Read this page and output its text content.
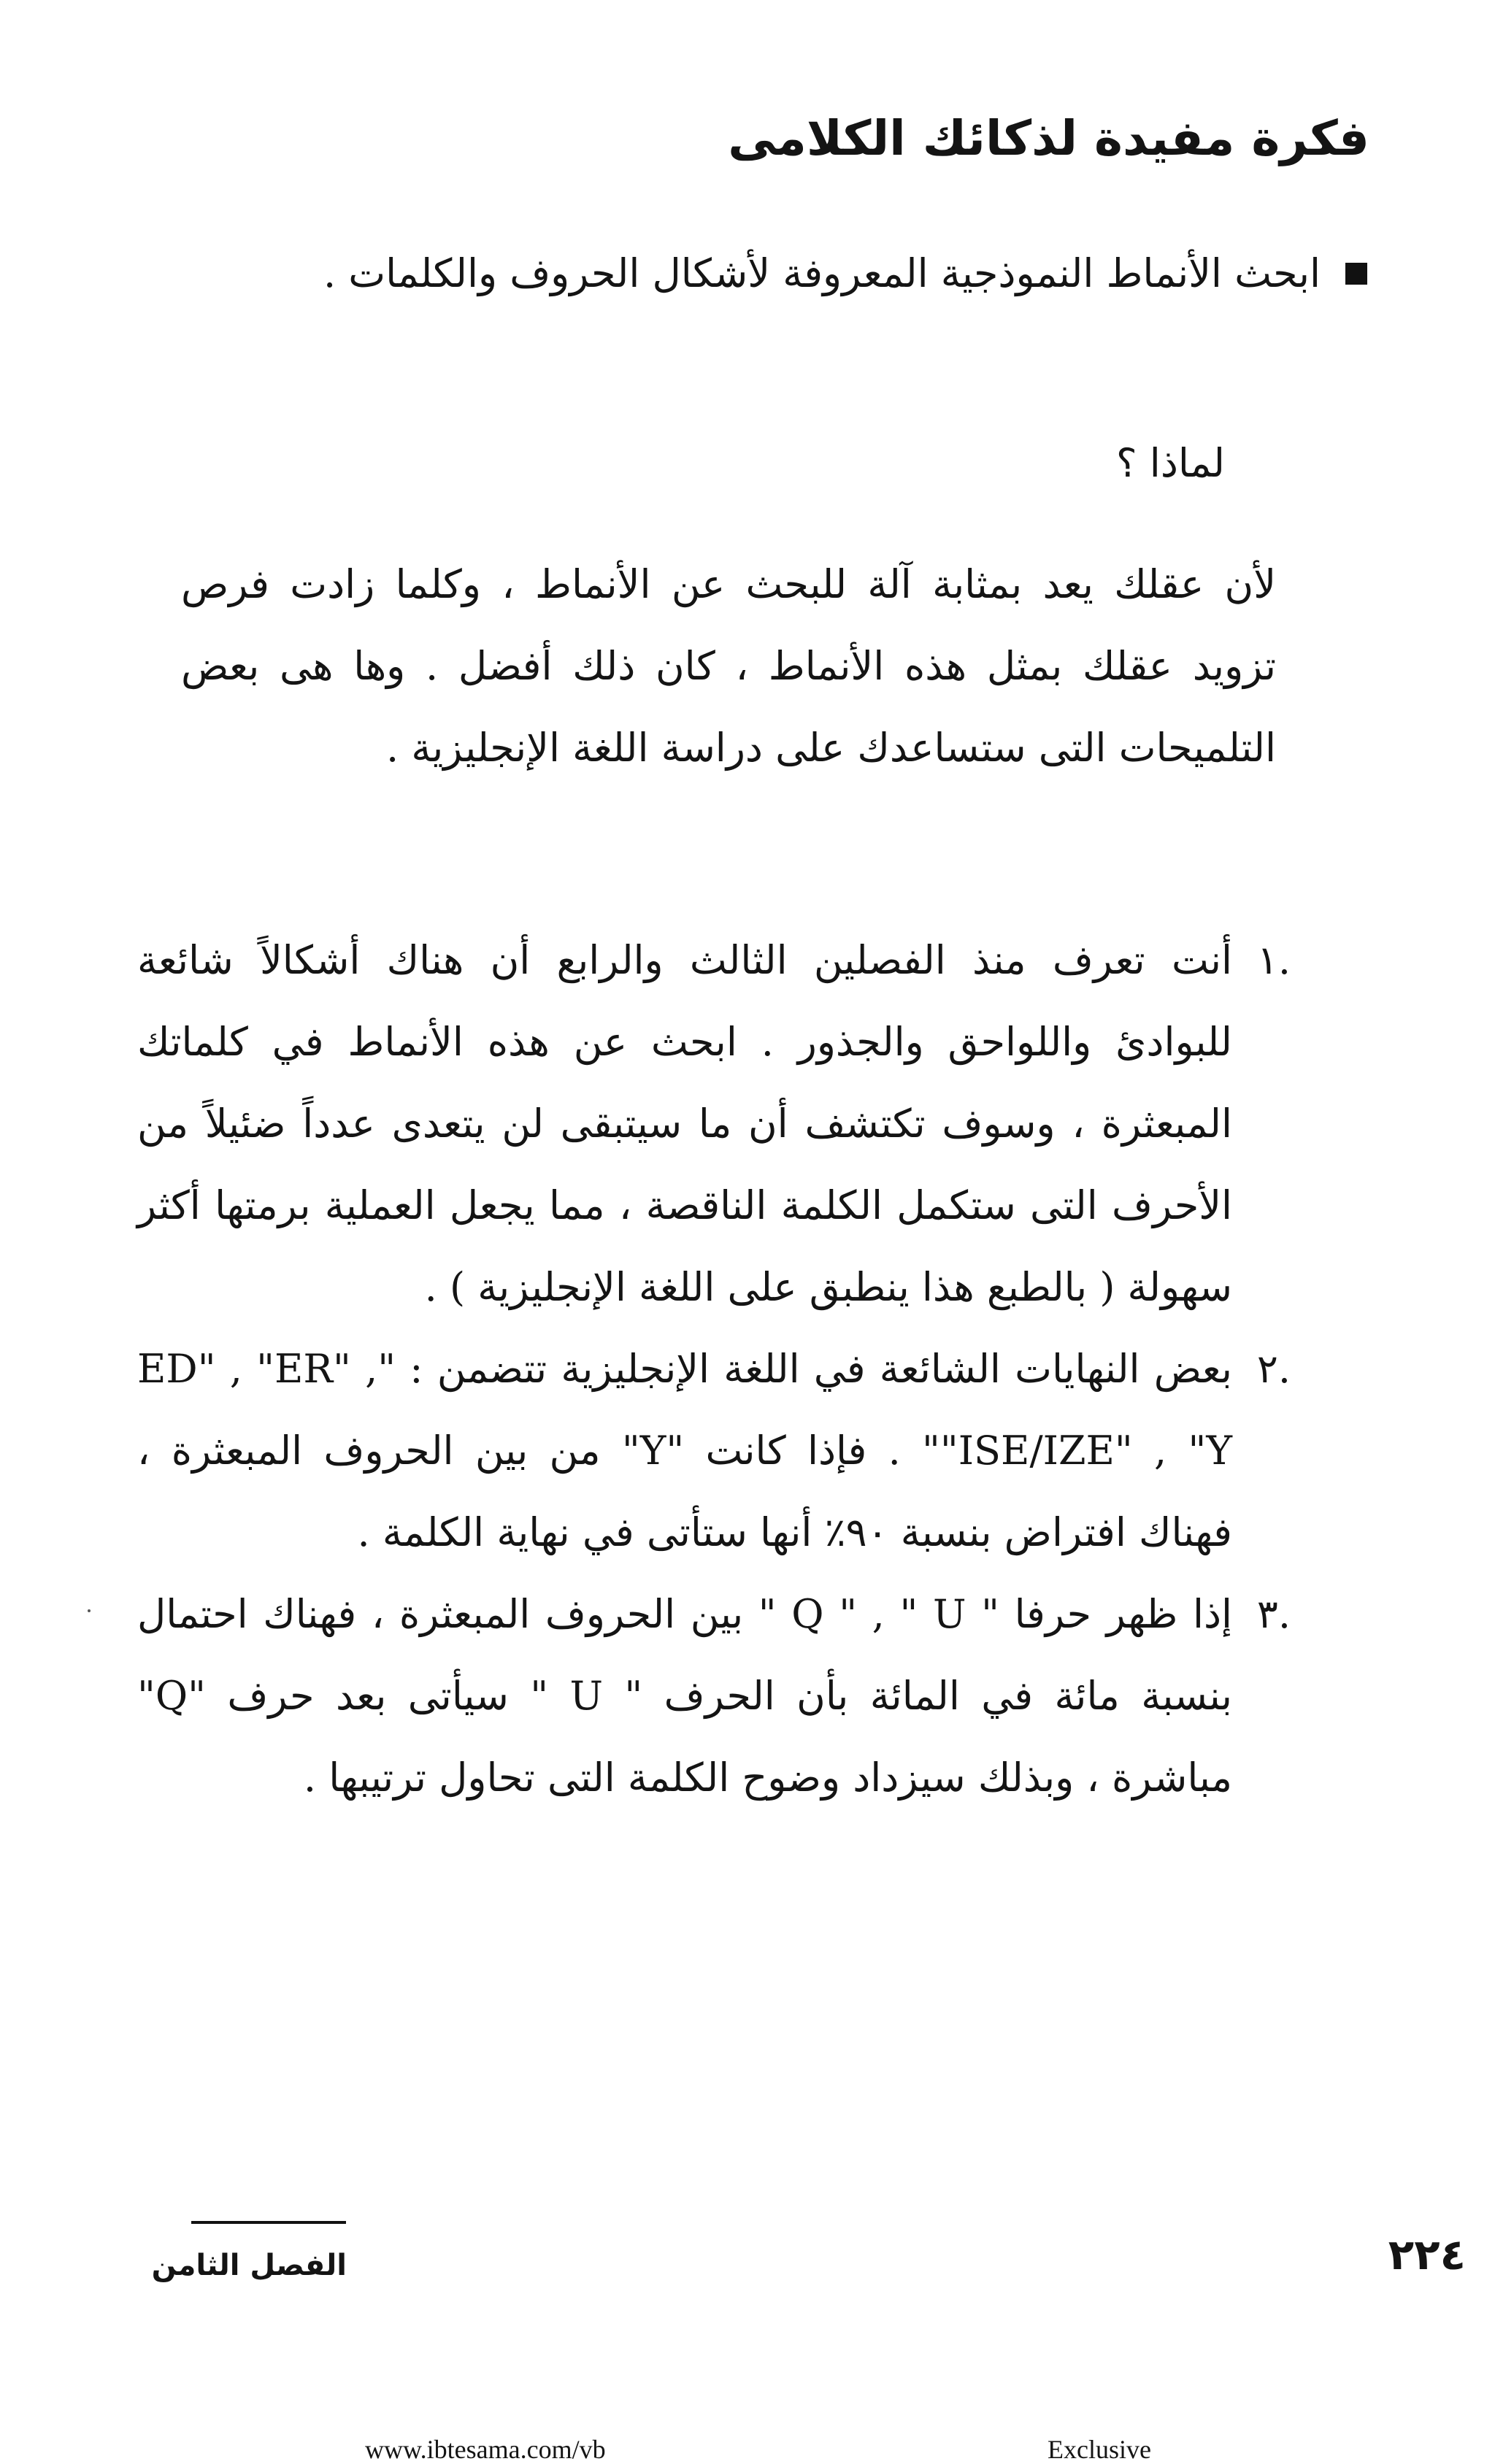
فكرة مفيدة لذكائك الكلامى
ابحث الأنماط النموذجية المعروفة لأشكال الحروف والكلمات .
لماذا ؟
لأن عقلك يعد بمثابة آلة للبحث عن الأنماط ، وكلما زادت فرص تزويد عقلك بمثل هذه الأنماط ، كان ذلك أفضل . وها هى بعض التلميحات التى ستساعدك على دراسة اللغة الإنجليزية .
١.
أنت تعرف منذ الفصلين الثالث والرابع أن هناك أشكالاً شائعة للبوادئ واللواحق والجذور . ابحث عن هذه الأنماط في كلماتك المبعثرة ، وسوف تكتشف أن ما سيتبقى لن يتعدى عدداً ضئيلاً من الأحرف التى ستكمل الكلمة الناقصة ، مما يجعل العملية برمتها أكثر سهولة ( بالطبع هذا ينطبق على اللغة الإنجليزية ) .
٢.
بعض النهايات الشائعة في اللغة الإنجليزية تتضمن : "ED" , "ER" , "ISE/IZE" , "Y" . فإذا كانت "Y" من بين الحروف المبعثرة ، فهناك افتراض بنسبة ٩٠٪ أنها ستأتى في نهاية الكلمة .
٣.
إذا ظهر حرفا " Q " , " U " بين الحروف المبعثرة ، فهناك احتمال بنسبة مائة في المائة بأن الحرف " U " سيأتى بعد حرف "Q" مباشرة ، وبذلك سيزداد وضوح الكلمة التى تحاول ترتيبها .
الفصل الثامن	٢٢٤
www.ibtesama.com/vb	Exclusive
